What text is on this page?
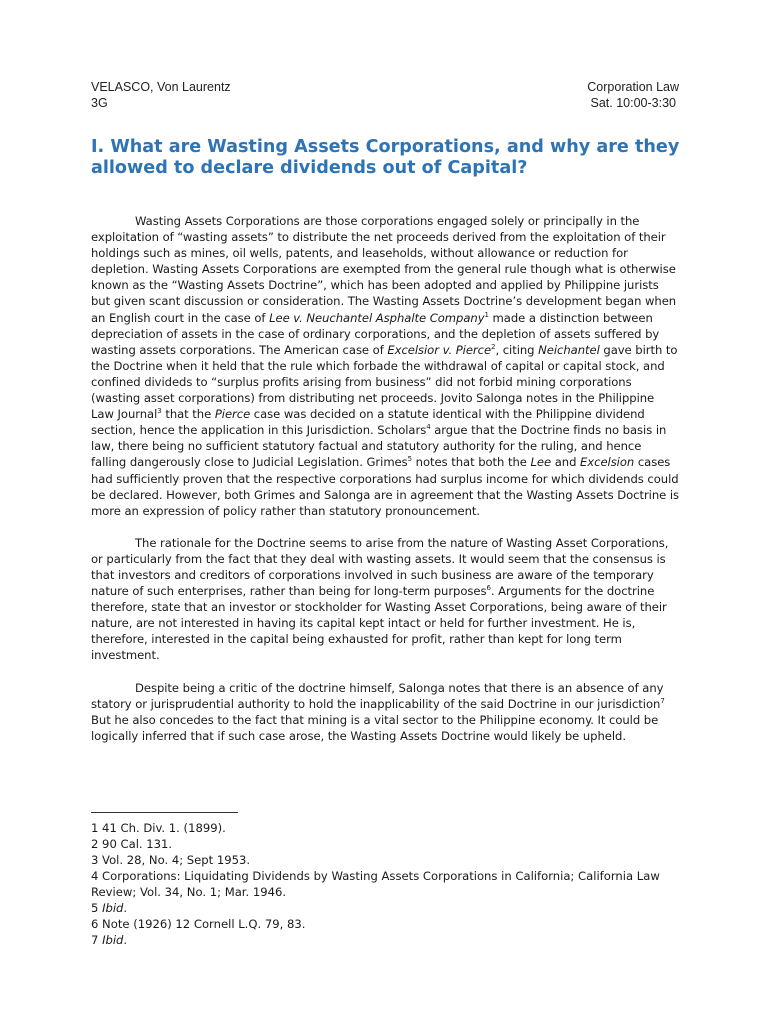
VELASCO, Von Laurentz
3G
Corporation Law
Sat. 10:00-3:30
I. What are Wasting Assets Corporations, and why are they allowed to declare dividends out of Capital?

Wasting Assets Corporations are those corporations engaged solely or principally in the exploitation of “wasting assets” to distribute the net proceeds derived from the exploitation of their holdings such as mines, oil wells, patents, and leaseholds, without allowance or reduction for depletion. Wasting Assets Corporations are exempted from the general rule though what is otherwise known as the “Wasting Assets Doctrine”, which has been adopted and applied by Philippine jurists but given scant discussion or consideration. The Wasting Assets Doctrine’s development began when an English court in the case of Lee v. Neuchantel Asphalte Company$^1$ made a distinction between depreciation of assets in the case of ordinary corporations, and the depletion of assets suffered by wasting assets corporations. The American case of Excelsior v. Pierce$^2$, citing Neichantel gave birth to the Doctrine when it held that the rule which forbade the withdrawal of capital or capital stock, and confined divideds to “surplus profits arising from business” did not forbid mining corporations (wasting asset corporations) from distributing net proceeds. Jovito Salonga notes in the Philippine Law Journal$^3$ that the Pierce case was decided on a statute identical with the Philippine dividend section, hence the application in this Jurisdiction. Scholars$^4$ argue that the Doctrine finds no basis in law, there being no sufficient statutory factual and statutory authority for the ruling, and hence falling dangerously close to Judicial Legislation. Grimes$^5$ notes that both the Lee and Excelsion cases had sufficiently proven that the respective corporations had surplus income for which dividends could be declared. However, both Grimes and Salonga are in agreement that the Wasting Assets Doctrine is more an expression of policy rather than statutory pronouncement.

The rationale for the Doctrine seems to arise from the nature of Wasting Asset Corporations, or particularly from the fact that they deal with wasting assets. It would seem that the consensus is that investors and creditors of corporations involved in such business are aware of the temporary nature of such enterprises, rather than being for long-term purposes$^6$. Arguments for the doctrine therefore, state that an investor or stockholder for Wasting Asset Corporations, being aware of their nature, are not interested in having its capital kept intact or held for further investment. He is, therefore, interested in the capital being exhausted for profit, rather than kept for long term investment.

Despite being a critic of the doctrine himself, Salonga notes that there is an absence of any statory or jurisprudential authority to hold the inapplicability of the said Doctrine in our jurisdiction$^7$ But he also concedes to the fact that mining is a vital sector to the Philippine economy. It could be logically inferred that if such case arose, the Wasting Assets Doctrine would likely be upheld.

1 41 Ch. Div. 1. (1899).

2 90 Cal. 131.

3 Vol. 28, No. 4; Sept 1953.

4 Corporations: Liquidating Dividends by Wasting Assets Corporations in California; California Law Review; Vol. 34, No. 1; Mar. 1946.

5 Ibid.

6 Note (1926) 12 Cornell L.Q. 79, 83.

7 Ibid.
